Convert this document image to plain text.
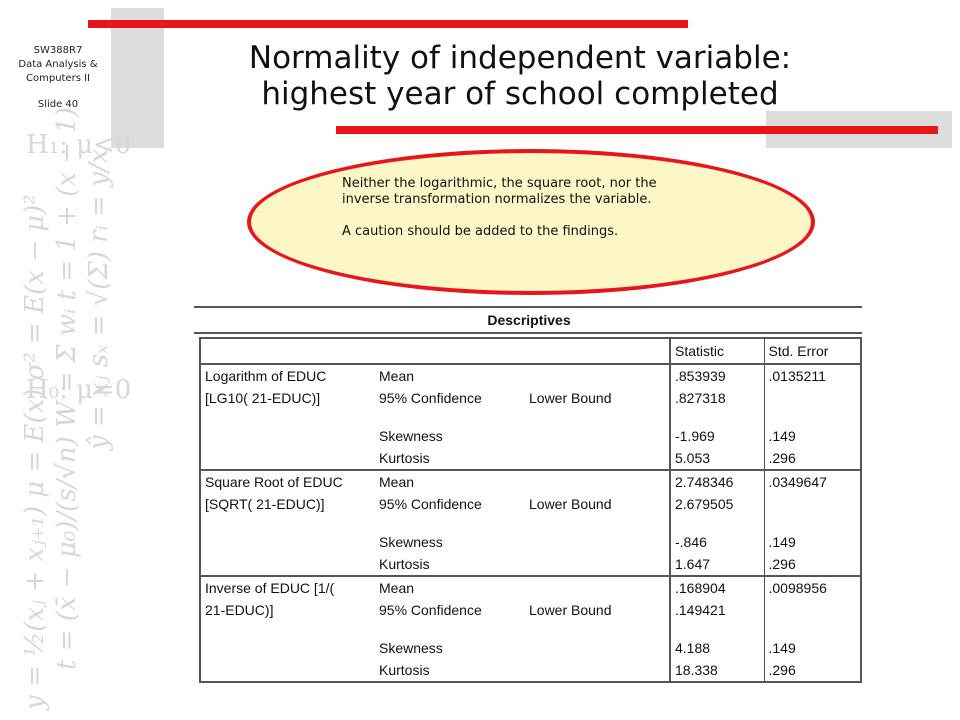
SW388R7
Data Analysis &
Computers II
Slide 40
H₁: μ<0
H₀: μ=0
y = ½(xⱼ + xⱼ₊₁) μ = E(x) σ² = E(x − μ)² t = (x̄ − μ₀)/(s/√n) W = Σ wᵢ t = 1 + (x − 1) ŷ = xⱼ sₓ = √(Σ) rᵢ = y/x
Normality of independent variable:
highest year of school completed

Neither the logarithmic, the square root, nor the inverse transformation normalizes the variable.

A caution should be added to the findings.

Descriptives
			Statistic	Std. Error
Logarithm of EDUC	Mean		.853939	.0135211
[LG10( 21-EDUC)]	95% Confidence	Lower Bound	.827318	

	Skewness		-1.969	.149
	Kurtosis		5.053	.296
Square Root of EDUC	Mean		2.748346	.0349647
[SQRT( 21-EDUC)]	95% Confidence	Lower Bound	2.679505	

	Skewness		-.846	.149
	Kurtosis		1.647	.296
Inverse of EDUC [1/(	Mean		.168904	.0098956
21-EDUC)]	95% Confidence	Lower Bound	.149421	

	Skewness		4.188	.149
	Kurtosis		18.338	.296
